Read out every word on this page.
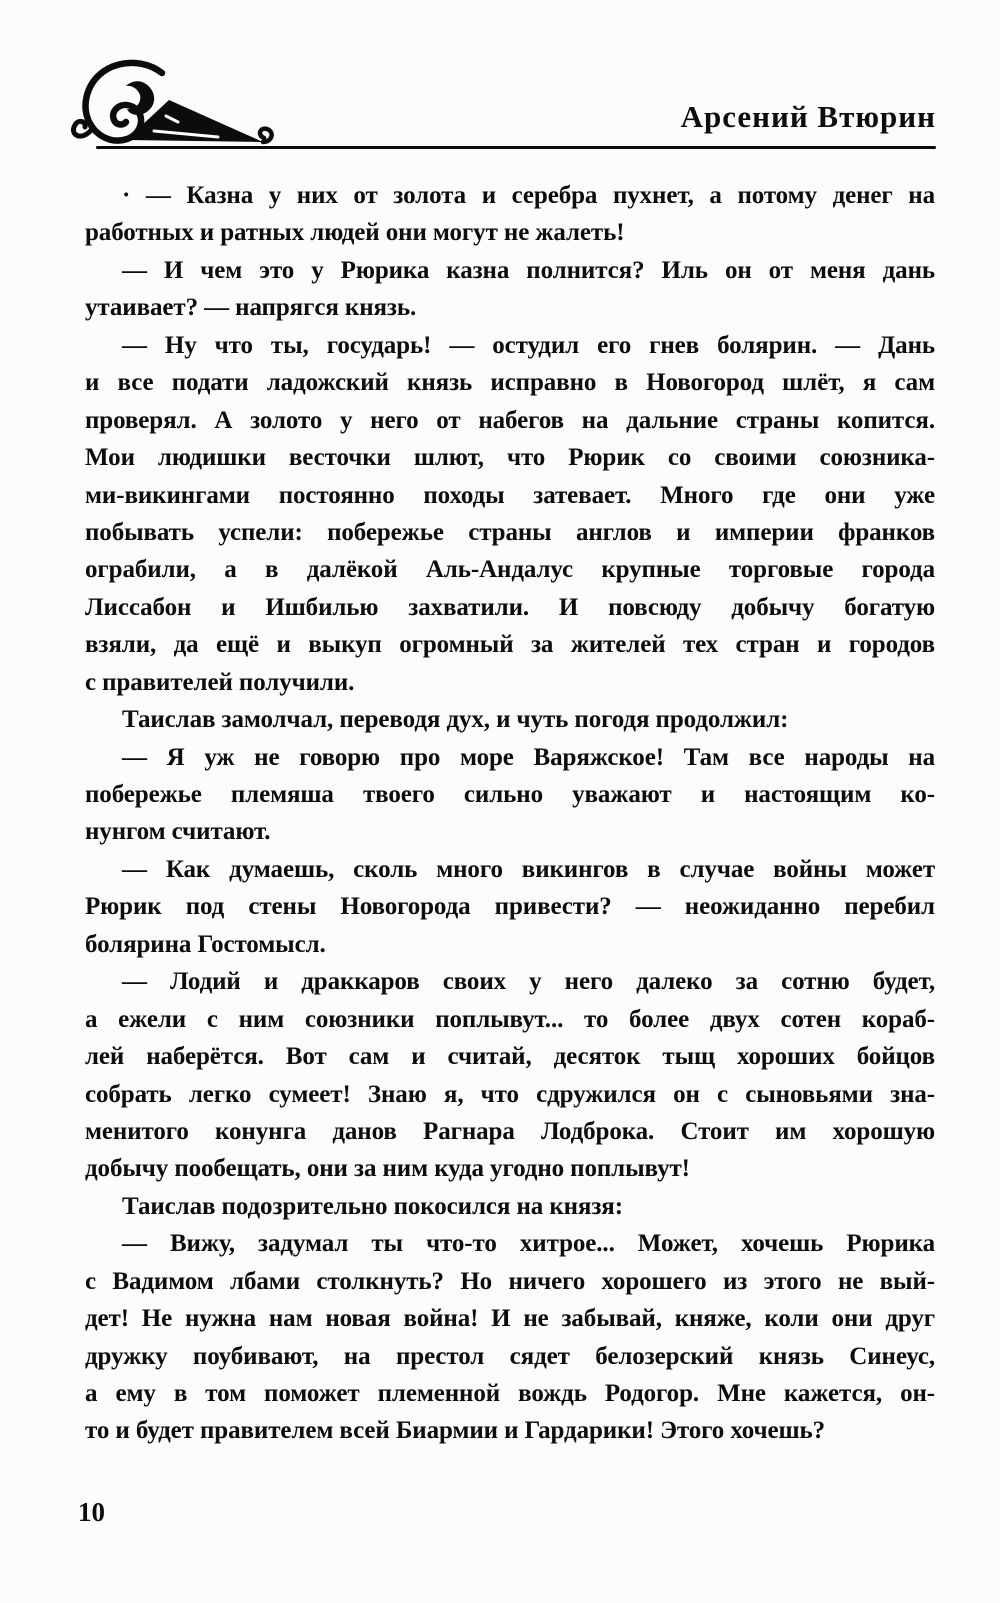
Арсений Втюрин

· — Казна у них от золота и серебра пухнет, а потому денег на
работных и ратных людей они могут не жалеть!

— И чем это у Рюрика казна полнится? Иль он от меня дань
утаивает? — напрягся князь.

— Ну что ты, государь! — остудил его гнев болярин. — Дань
и все подати ладожский князь исправно в Новогород шлёт, я сам
проверял. А золото у него от набегов на дальние страны копится.
Мои людишки весточки шлют, что Рюрик со своими союзника-
ми-викингами постоянно походы затевает. Много где они уже
побывать успели: побережье страны англов и империи франков
ограбили, а в далёкой Аль-Андалус крупные торговые города
Лиссабон и Ишбилью захватили. И повсюду добычу богатую
взяли, да ещё и выкуп огромный за жителей тех стран и городов
с правителей получили.

Таислав замолчал, переводя дух, и чуть погодя продолжил:

— Я уж не говорю про море Варяжское! Там все народы на
побережье племяша твоего сильно уважают и настоящим ко-
нунгом считают.

— Как думаешь, сколь много викингов в случае войны может
Рюрик под стены Новогорода привести? — неожиданно перебил
болярина Гостомысл.

— Лодий и драккаров своих у него далеко за сотню будет,
а ежели с ним союзники поплывут... то более двух сотен кораб-
лей наберётся. Вот сам и считай, десяток тыщ хороших бойцов
собрать легко сумеет! Знаю я, что сдружился он с сыновьями зна-
менитого конунга данов Рагнара Лодброка. Стоит им хорошую
добычу пообещать, они за ним куда угодно поплывут!

Таислав подозрительно покосился на князя:

— Вижу, задумал ты что-то хитрое... Может, хочешь Рюрика
с Вадимом лбами столкнуть? Но ничего хорошего из этого не вый-
дет! Не нужна нам новая война! И не забывай, княже, коли они друг
дружку поубивают, на престол сядет белозерский князь Синеус,
а ему в том поможет племенной вождь Родогор. Мне кажется, он-
то и будет правителем всей Биармии и Гардарики! Этого хочешь?

10
